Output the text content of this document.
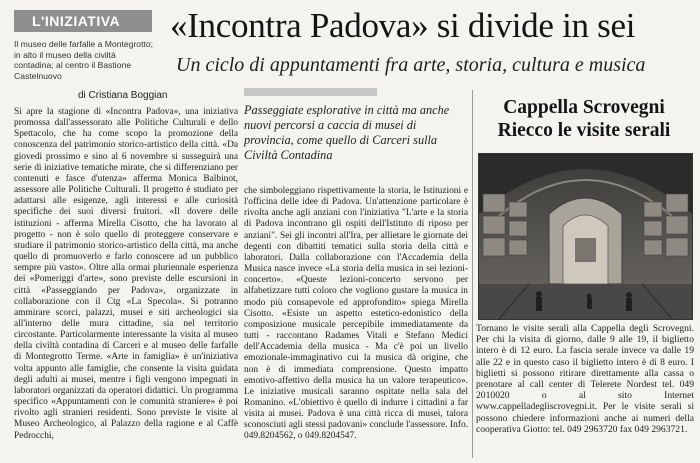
L'INIZIATIVA
Il museo delle farfalle a Montegrotto; in alto il museo della civiltà contadina; al centro il Bastione Castelnuovo
«Incontra Padova» si divide in sei
Un ciclo di appuntamenti fra arte, storia, cultura e musica
di Cristiana Boggian

Si apre la stagione di «Incontra Padova», una iniziativa promossa dall'assessorato alle Politiche Culturali e dello Spettacolo, che ha come scopo la promozione della conoscenza del patrimonio storico-artistico della città. «Da giovedì prossimo e sino al 6 novembre si susseguirà una serie di iniziative tematiche mirate, che si differenziano per contenuti e fasce d'utenza» afferma Monica Balbinot, assessore alle Politiche Culturali. Il progetto è studiato per adattarsi alle esigenze, agli interessi e alle curiosità specifiche dei suoi diversi fruitori. «Il dovere delle istituzioni - afferma Mirella Cisotto, che ha lavorato al progetto - non è solo quello di proteggere conservare e studiare il patrimonio storico-artistico della città, ma anche quello di promuoverlo e farlo conoscere ad un pubblico sempre più vasto». Oltre alla ormai pluriennale esperienza dei «Pomeriggi d'arte», sono previste delle escursioni in città «Passeggiando per Padova», organizzate in collaborazione con il Ctg «La Specola». Si potranno ammirare scorci, palazzi, musei e siti archeologici sia all'interno delle mura cittadine, sia nel territorio circostante. Particolarmente interessante la visita al museo della civiltà contadina di Carceri e al museo delle farfalle di Montegrotto Terme. «Arte in famiglia» è un'iniziativa volta appunto alle famiglie, che consente la visita guidata degli adulti ai musei, mentre i figli vengono impegnati in laboratori organizzati da operatori didattici. Un programma specifico «Appuntamenti con le comunità straniere» è poi rivolto agli stranieri residenti. Sono previste le visite al Museo Archeologico, al Palazzo della ragione e al Caffè Pedrocchi,

Passeggiate esplorative in città ma anche nuovi percorsi a caccia di musei di provincia, come quello di Carceri sulla Civiltà Contadina

che simboleggiano rispettivamente la storia, le Istituzioni e l'officina delle idee di Padova. Un'attenzione particolare è rivolta anche agli anziani con l'iniziativa "L'arte e la storia di Padova incontrano gli ospiti dell'Istituto di riposo per anziani". Sei gli incontri all'Ira, per allietare le giornate dei degenti con dibattiti tematici sulla storia della città e laboratori. Dalla collaborazione con l'Accademia della Musica nasce invece «La storia della musica in sei lezioni-concerto». «Queste lezioni-concerto servono per alfabetizzare tutti coloro che vogliono gustare la musica in modo più consapevole ed approfondito» spiega Mirella Cisotto. «Esiste un aspetto estetico-edonistico della composizione musicale percepibile immediatamente da tutti - raccontano Radames Vitali e Stefano Medici dell'Accademia della musica - Ma c'è poi un livello emozionale-immaginativo cui la musica dà origine, che non è di immediata comprensione. Questo impatto emotivo-affettivo della musica ha un valore terapeutico». Le iniziative musicali saranno ospitate nella sala del Romanino. «L'obiettivo è quello di indurre i cittadini a far visita ai musei. Padova è una città ricca di musei, talora sconosciuti agli stessi padovani» conclude l'assessore. Info. 049.8204562, o 049.8204547.

Cappella Scrovegni
Riecco le visite serali

Tornano le visite serali alla Cappella degli Scrovegni. Per chi la visita di giorno, dalle 9 alle 19, il biglietto intero è di 12 euro. La fascia serale invece va dalle 19 alle 22 e in questo caso il biglietto intero è di 8 euro. I biglietti si possono ritirare direttamente alla cassa o prenotare al call center di Telerete Nordest tel. 049 2010020 o al sito Internet www.cappelladegliscrovegni.it. Per le visite serali si possono chiedere informazioni anche ai numeri della cooperativa Giotto: tel. 049 2963720 fax 049 2963721.
